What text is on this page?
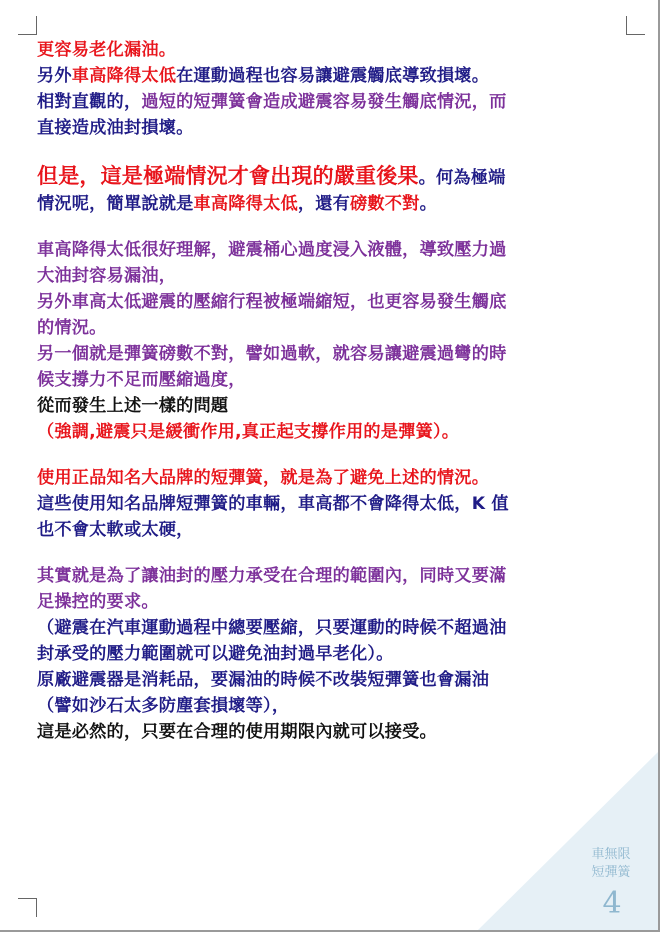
更容易老化漏油。

另外車高降得太低在運動過程也容易讓避震觸底導致損壞。

相對直觀的，過短的短彈簧會造成避震容易發生觸底情況，而

直接造成油封損壞。

但是，這是極端情況才會出現的嚴重後果。何為極端

情況呢，簡單說就是車高降得太低，還有磅數不對。

車高降得太低很好理解，避震桶心過度浸入液體，導致壓力過

大油封容易漏油，

另外車高太低避震的壓縮行程被極端縮短，也更容易發生觸底

的情況。

另一個就是彈簧磅數不對，譬如過軟，就容易讓避震過彎的時

候支撐力不足而壓縮過度，

從而發生上述一樣的問題

（強調,避震只是緩衝作用,真正起支撐作用的是彈簧）。

使用正品知名大品牌的短彈簧，就是為了避免上述的情況。

這些使用知名品牌短彈簧的車輛，車高都不會降得太低，K 值

也不會太軟或太硬，

其實就是為了讓油封的壓力承受在合理的範圍內，同時又要滿

足操控的要求。

（避震在汽車運動過程中總要壓縮，只要運動的時候不超過油

封承受的壓力範圍就可以避免油封過早老化）。

原廠避震器是消耗品，要漏油的時候不改裝短彈簧也會漏油

（譬如沙石太多防塵套損壞等），

這是必然的，只要在合理的使用期限內就可以接受。

車無限
短彈簧
4
